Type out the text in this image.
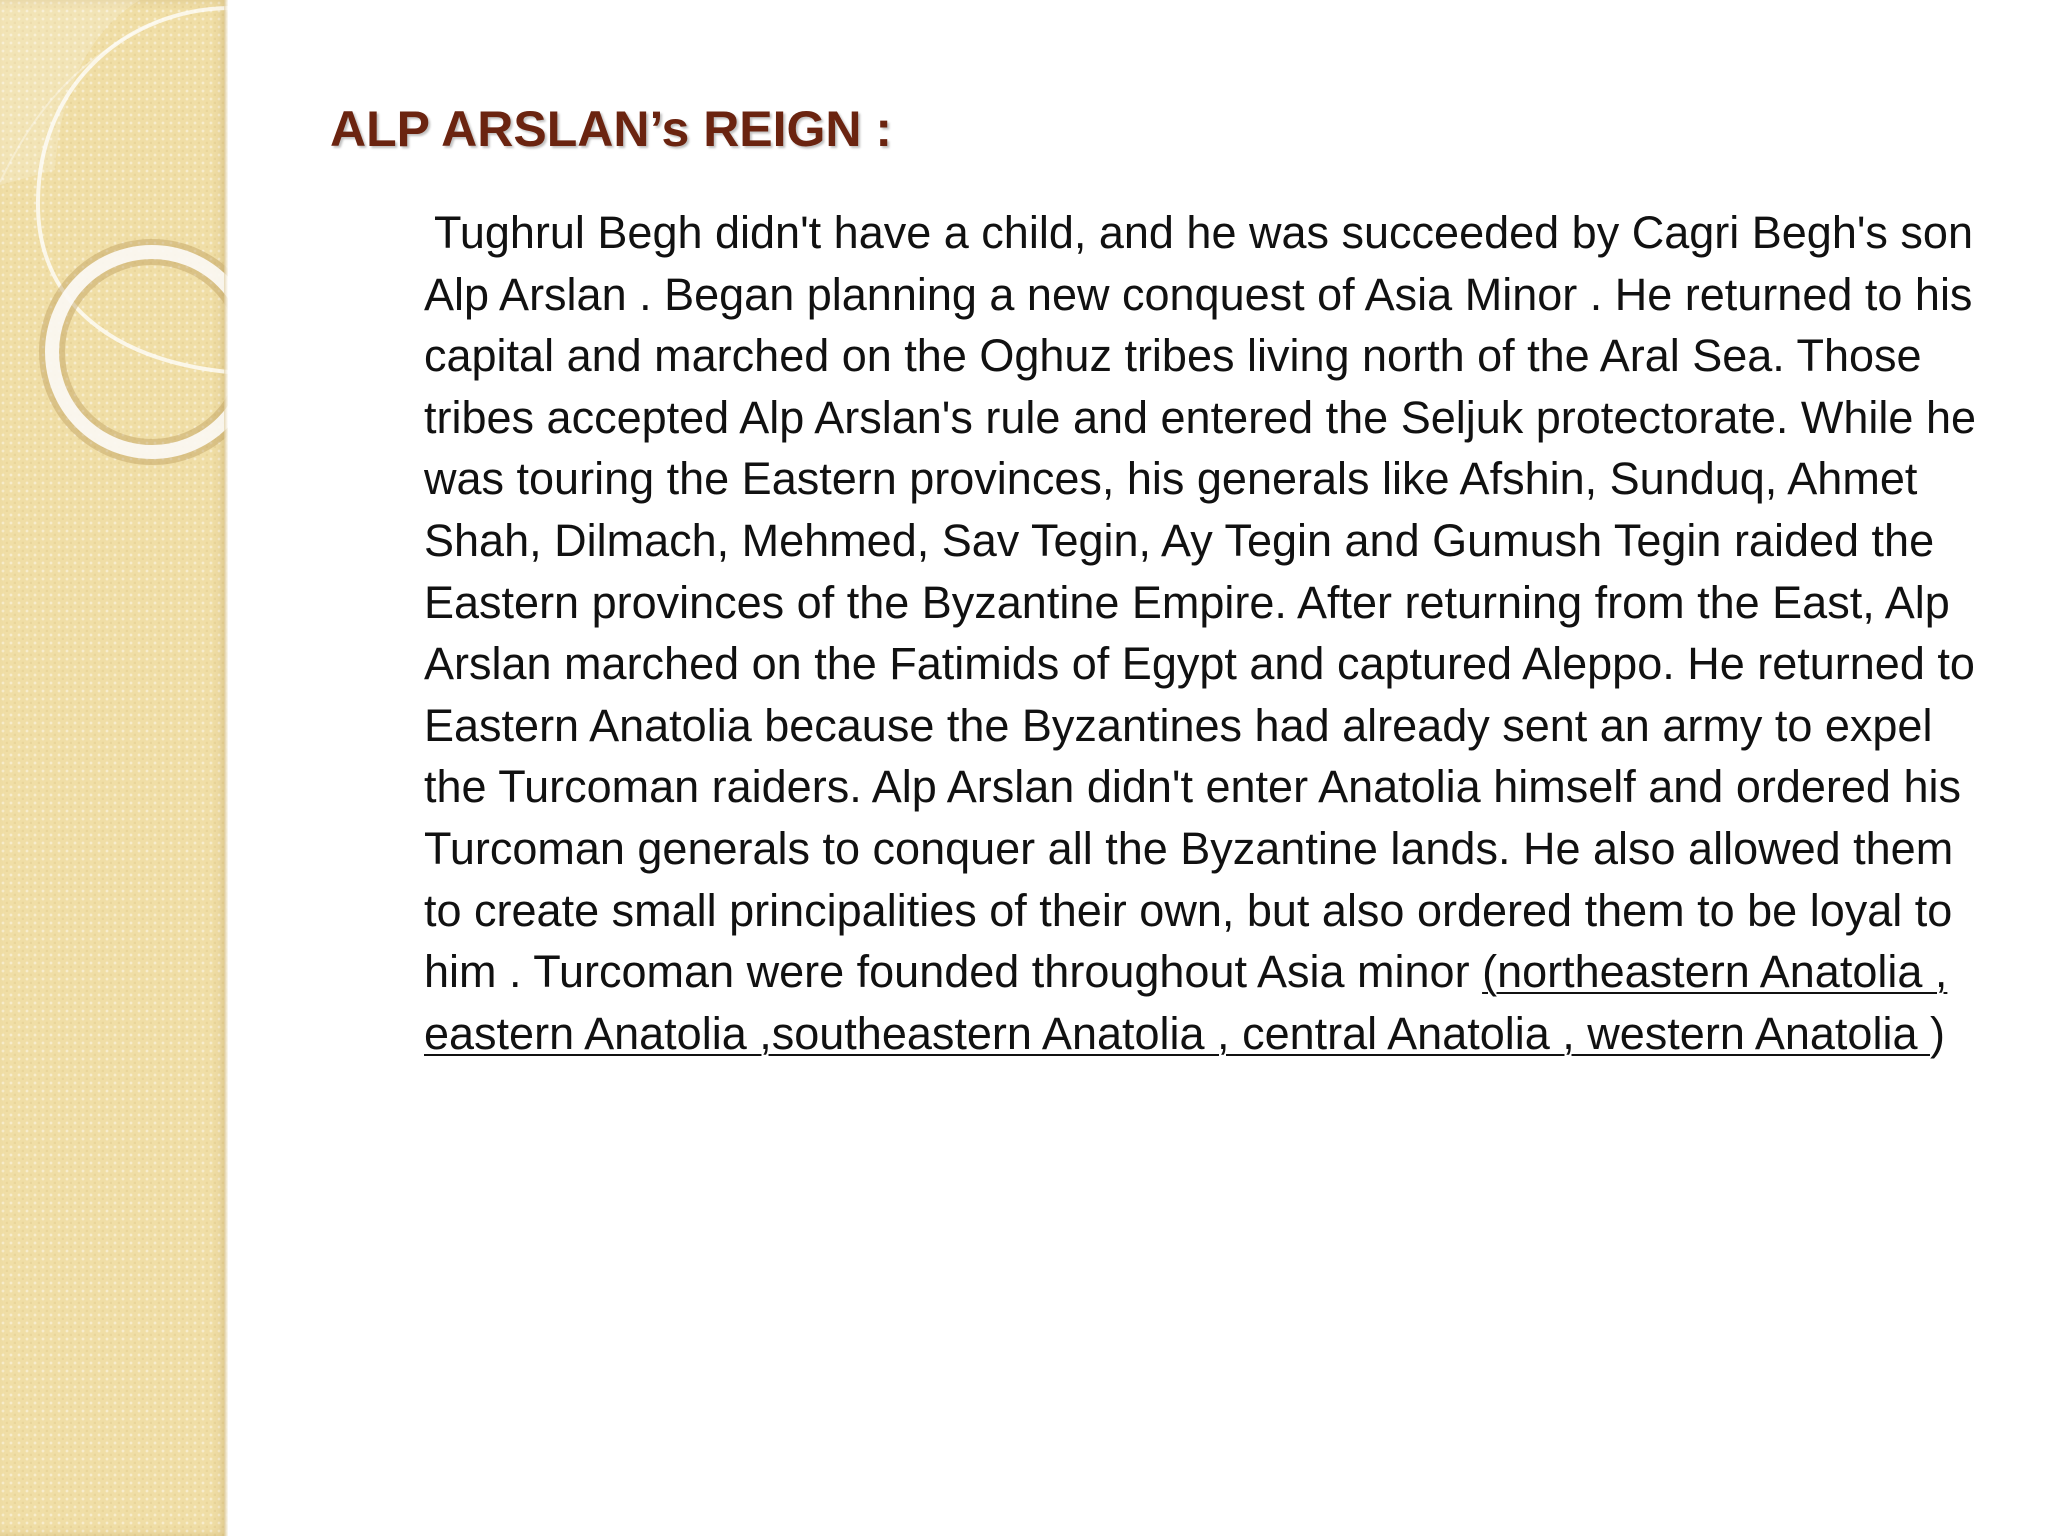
ALP ARSLAN’s REIGN :

Tughrul Begh didn't have a child, and he was succeeded by Cagri Begh's son Alp Arslan . Began planning a new conquest of Asia Minor . He returned to his capital and marched on the Oghuz tribes living north of the Aral Sea. Those tribes accepted Alp Arslan's rule and entered the Seljuk protectorate. While he was touring the Eastern provinces, his generals like Afshin, Sunduq, Ahmet Shah, Dilmach, Mehmed, Sav Tegin, Ay Tegin and Gumush Tegin raided the Eastern provinces of the Byzantine Empire. After returning from the East, Alp Arslan marched on the Fatimids of Egypt and captured Aleppo. He returned to Eastern Anatolia because the Byzantines had already sent an army to expel the Turcoman raiders. Alp Arslan didn't enter Anatolia himself and ordered his Turcoman generals to conquer all the Byzantine lands. He also allowed them to create small principalities of their own, but also ordered them to be loyal to him . Turcoman were founded throughout Asia minor (northeastern Anatolia , eastern Anatolia ,southeastern Anatolia , central Anatolia , western Anatolia )
